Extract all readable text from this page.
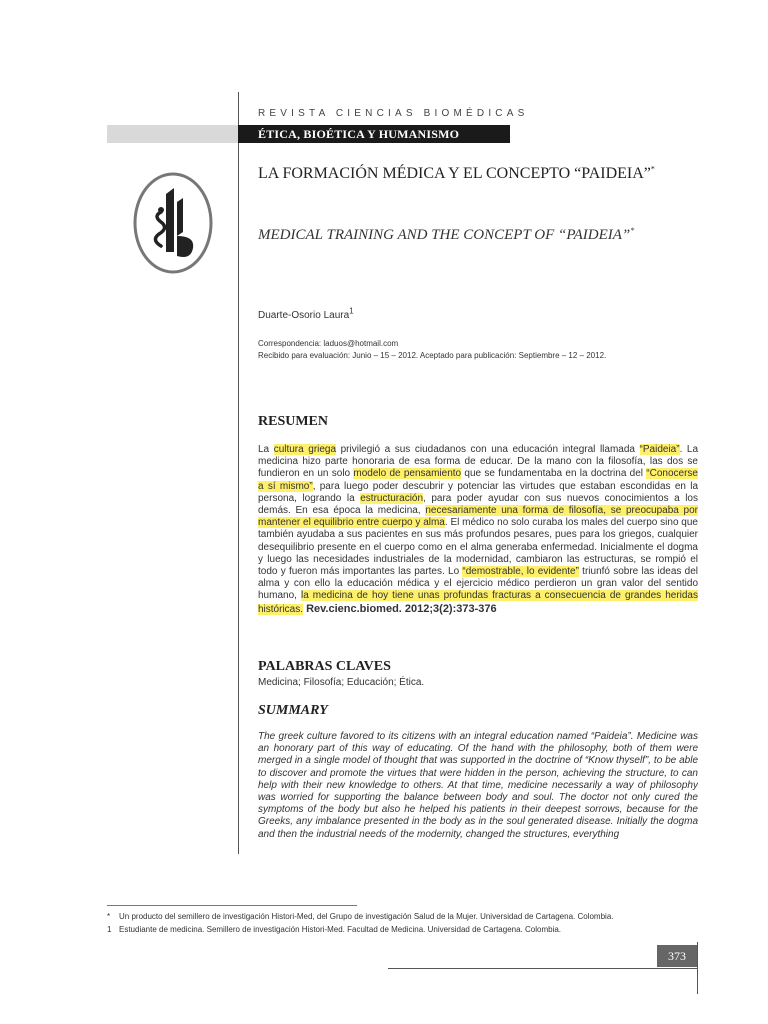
REVISTA CIENCIAS BIOMÉDICAS
ÉTICA, BIOÉTICA Y HUMANISMO
LA FORMACIÓN MÉDICA Y EL CONCEPTO “PAIDEIA”*
MEDICAL TRAINING AND THE CONCEPT OF “PAIDEIA”*
Duarte-Osorio Laura$^1$
Correspondencia: laduos@hotmail.com
Recibido para evaluación: Junio – 15 – 2012. Aceptado para publicación: Septiembre – 12 – 2012.
RESUMEN
La cultura griega privilegió a sus ciudadanos con una educación integral llamada “Paideia”. La medicina hizo parte honoraria de esa forma de educar. De la mano con la filosofía, las dos se fundieron en un solo modelo de pensamiento que se fundamentaba en la doctrina del “Conocerse a sí mismo”, para luego poder descubrir y potenciar las virtudes que estaban escondidas en la persona, logrando la estructuración, para poder ayudar con sus nuevos conocimientos a los demás. En esa época la medicina, necesariamente una forma de filosofía, se preocupaba por mantener el equilibrio entre cuerpo y alma. El médico no solo curaba los males del cuerpo sino que también ayudaba a sus pacientes en sus más profundos pesares, pues para los griegos, cualquier desequilibrio presente en el cuerpo como en el alma generaba enfermedad. Inicialmente el dogma y luego las necesidades industriales de la modernidad, cambiaron las estructuras, se rompió el todo y fueron más importantes las partes. Lo “demostrable, lo evidente” triunfó sobre las ideas del alma y con ello la educación médica y el ejercicio médico perdieron un gran valor del sentido humano, la medicina de hoy tiene unas profundas fracturas a consecuencia de grandes heridas históricas. Rev.cienc.biomed. 2012;3(2):373-376
PALABRAS CLAVES
Medicina; Filosofía; Educación; Ética.
SUMMARY
The greek culture favored to its citizens with an integral education named “Paideia”. Medicine was an honorary part of this way of educating. Of the hand with the philosophy, both of them were merged in a single model of thought that was supported in the doctrine of “Know thyself”, to be able to discover and promote the virtues that were hidden in the person, achieving the structure, to can help with their new knowledge to others. At that time, medicine necessarily a way of philosophy was worried for supporting the balance between body and soul. The doctor not only cured the symptoms of the body but also he helped his patients in their deepest sorrows, because for the Greeks, any imbalance presented in the body as in the soul generated disease. Initially the dogma and then the industrial needs of the modernity, changed the structures, everything
*	Un producto del semillero de investigación Histori-Med, del Grupo de investigación Salud de la Mujer. Universidad de Cartagena. Colombia.
1 Estudiante de medicina. Semillero de investigación Histori-Med. Facultad de Medicina. Universidad de Cartagena. Colombia.
373
